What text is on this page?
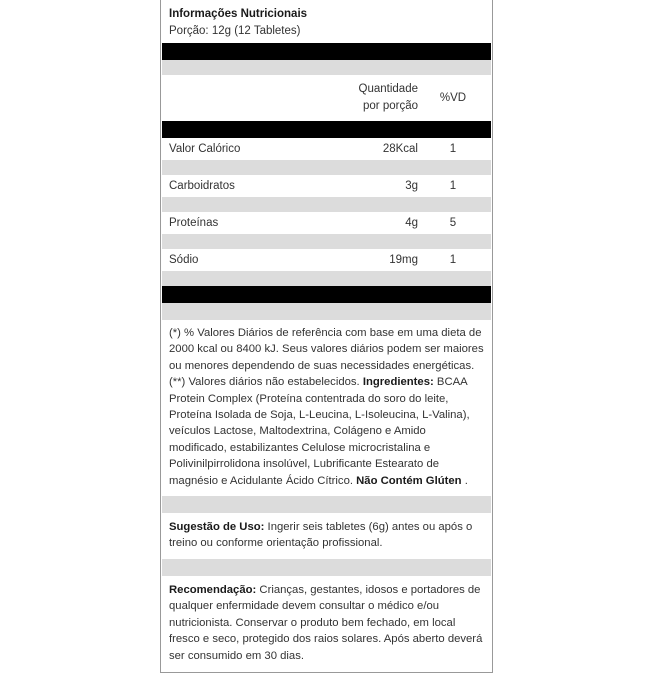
Informações Nutricionais
Porção: 12g (12 Tabletes)
Quantidade
por porção
%VD
Valor Calórico	28Kcal	1
Carboidratos	3g	1
Proteínas	4g	5
Sódio	19mg	1
(*) % Valores Diários de referência com base em uma dieta de 2000 kcal ou 8400 kJ. Seus valores diários podem ser maiores ou menores dependendo de suas necessidades energéticas. (**) Valores diários não estabelecidos. Ingredientes: BCAA Protein Complex (Proteína contentrada do soro do leite, Proteína Isolada de Soja, L-Leucina, L-Isoleucina, L-Valina), veículos Lactose, Maltodextrina, Colágeno e Amido modificado, estabilizantes Celulose microcristalina e Polivinilpirrolidona insolúvel, Lubrificante Estearato de magnésio e Acidulante Ácido Cítrico. Não Contém Glúten .
Sugestão de Uso: Ingerir seis tabletes (6g) antes ou após o treino ou conforme orientação profissional.
Recomendação: Crianças, gestantes, idosos e portadores de qualquer enfermidade devem consultar o médico e/ou nutricionista. Conservar o produto bem fechado, em local fresco e seco, protegido dos raios solares. Após aberto deverá ser consumido em 30 dias.
